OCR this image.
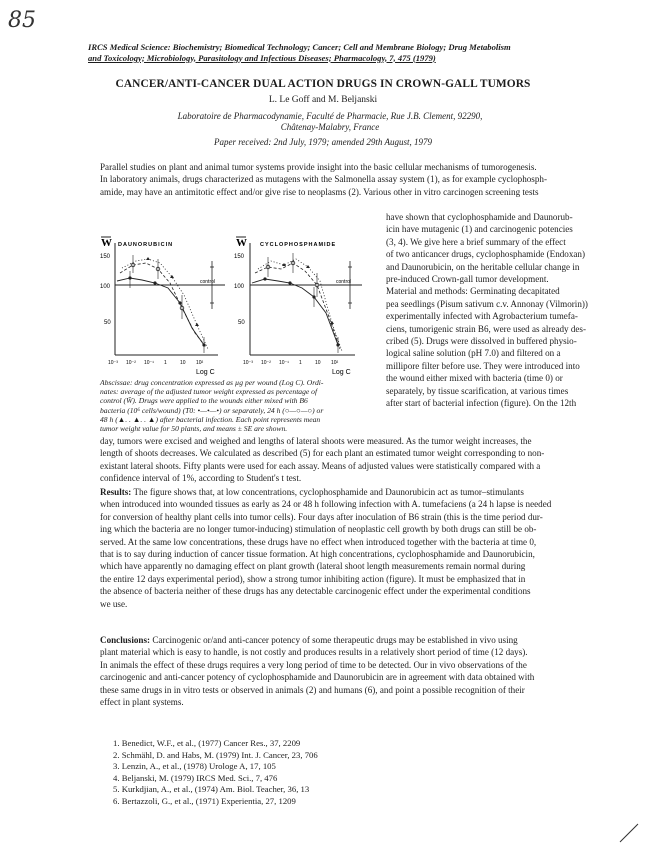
85
IRCS Medical Science: Biochemistry; Biomedical Technology; Cancer; Cell and Membrane Biology; Drug Metabolism
and Toxicology; Microbiology, Parasitology and Infectious Diseases; Pharmacology, 7, 475 (1979)
CANCER/ANTI-CANCER DUAL ACTION DRUGS IN CROWN-GALL TUMORS
L. Le Goff and M. Beljanski
Laboratoire de Pharmacodynamie, Faculté de Pharmacie, Rue J.B. Clement, 92290,
Châtenay-Malabry, France
Paper received: 2nd July, 1979; amended 29th August, 1979

Parallel studies on plant and animal tumor systems provide insight into the basic cellular mechanisms of tumorogenesis.

In laboratory animals, drugs characterized as mutagens with the Salmonella assay system (1), as for example cyclophosph-

amide, may have an antimitotic effect and/or give rise to neoplasms (2). Various other in vitro carcinogen screening tests

have shown that cyclophosphamide and Daunorub-

icin have mutagenic (1) and carcinogenic potencies

(3, 4). We give here a brief summary of the effect

of two anticancer drugs, cyclophosphamide (Endoxan)

and Daunorubicin, on the heritable cellular change in

pre-induced Crown-gall tumor development.

Material and methods: Germinating decapitated

pea seedlings (Pisum sativum c.v. Annonay (Vilmorin))

experimentally infected with Agrobacterium tumefa-

ciens, tumorigenic strain B6, were used as already des-

cribed (5). Drugs were dissolved in buffered physio-

logical saline solution (pH 7.0) and filtered on a

millipore filter before use. They were introduced into

the wound either mixed with bacteria (time 0) or

separately, by tissue scarification, at various times

after start of bacterial infection (figure). On the 12th

W DAUNORUBICIN
150
100
50
control
10⁻³ 10⁻² 10⁻¹ 1	10 10²
Log C
W CYCLOPHOSPHAMIDE
150
100
50
control
10⁻³ 10⁻² 10⁻¹ 1	10 10²
Log C

Abscissae: drug concentration expressed as µg per wound (Log C). Ordi-

nates: average of the adjusted tumor weight expressed as percentage of

control (W̄). Drugs were applied to the wounds either mixed with B6

bacteria (10⁶ cells/wound) (T0: •—•—•) or separately, 24 h (○—○—○) or

48 h (▲. . ▲. . ▲) after bacterial infection. Each point represents mean

tumor weight value for 50 plants, and means ± SE are shown.

day, tumors were excised and weighed and lengths of lateral shoots were measured. As the tumor weight increases, the

length of shoots decreases. We calculated as described (5) for each plant an estimated tumor weight corresponding to non-

existant lateral shoots. Fifty plants were used for each assay. Means of adjusted values were statistically compared with a

confidence interval of 1%, according to Student's t test.

Results: The figure shows that, at low concentrations, cyclophosphamide and Daunorubicin act as tumor–stimulants

when introduced into wounded tissues as early as 24 or 48 h following infection with A. tumefaciens (a 24 h lapse is needed

for conversion of healthy plant cells into tumor cells). Four days after inoculation of B6 strain (this is the time period dur-

ing which the bacteria are no longer tumor-inducing) stimulation of neoplastic cell growth by both drugs can still be ob-

served. At the same low concentrations, these drugs have no effect when introduced together with the bacteria at time 0,

that is to say during induction of cancer tissue formation. At high concentrations, cyclophosphamide and Daunorubicin,

which have apparently no damaging effect on plant growth (lateral shoot length measurements remain normal during

the entire 12 days experimental period), show a strong tumor inhibiting action (figure). It must be emphasized that in

the absence of bacteria neither of these drugs has any detectable carcinogenic effect under the experimental conditions

we use.

Conclusions: Carcinogenic or/and anti-cancer potency of some therapeutic drugs may be established in vivo using

plant material which is easy to handle, is not costly and produces results in a relatively short period of time (12 days).

In animals the effect of these drugs requires a very long period of time to be detected. Our in vivo observations of the

carcinogenic and anti-cancer potency of cyclophosphamide and Daunorubicin are in agreement with data obtained with

these same drugs in in vitro tests or observed in animals (2) and humans (6), and point a possible recognition of their

effect in plant systems.

1. Benedict, W.F., et al., (1977) Cancer Res., 37, 2209
2. Schmähl, D. and Habs, M. (1979) Int. J. Cancer, 23, 706
3. Lenzin, A., et al., (1978) Urologe A, 17, 105
4. Beljanski, M. (1979) IRCS Med. Sci., 7, 476
5. Kurkdjian, A., et al., (1974) Am. Biol. Teacher, 36, 13
6. Bertazzoli, G., et al., (1971) Experientia, 27, 1209
